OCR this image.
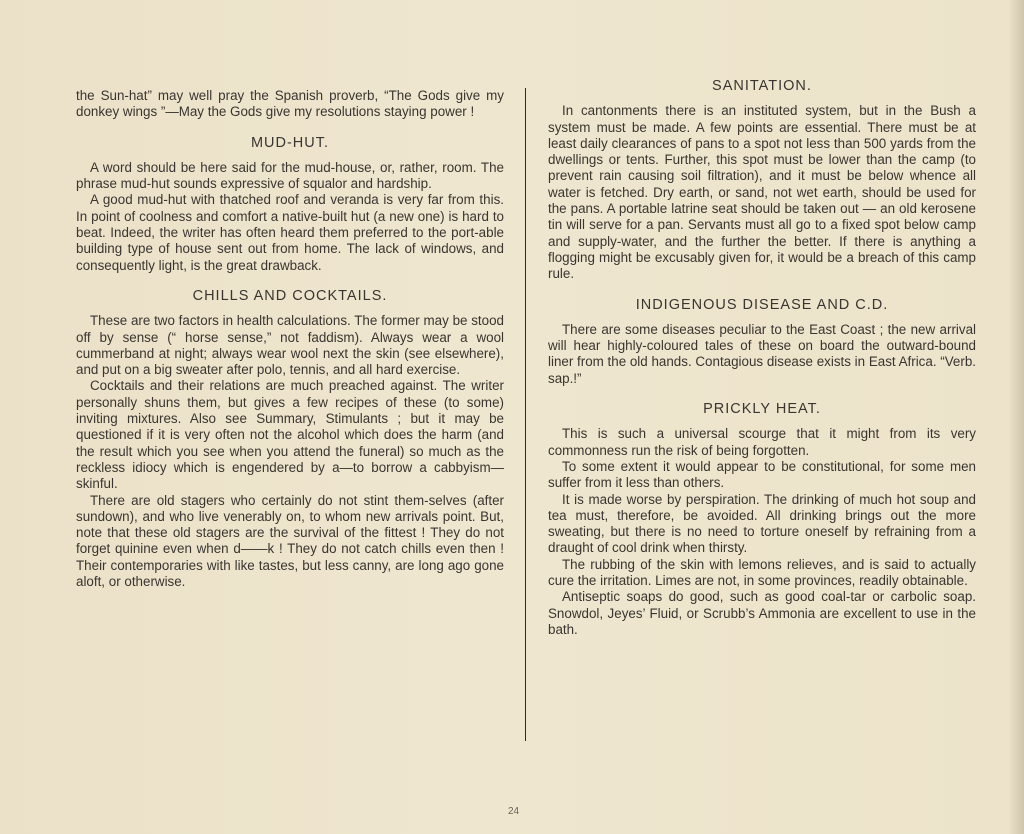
the Sun-hat” may well pray the Spanish proverb, “The Gods give my donkey wings ”—May the Gods give my resolutions staying power !

MUD-HUT.

A word should be here said for the mud-house, or, rather, room. The phrase mud-hut sounds expressive of squalor and hardship.

A good mud-hut with thatched roof and veranda is very far from this. In point of coolness and comfort a native-built hut (a new one) is hard to beat. Indeed, the writer has often heard them preferred to the port-able building type of house sent out from home. The lack of windows, and consequently light, is the great drawback.

CHILLS AND COCKTAILS.

These are two factors in health calculations. The former may be stood off by sense (“ horse sense,” not faddism). Always wear a wool cummerband at night; always wear wool next the skin (see elsewhere), and put on a big sweater after polo, tennis, and all hard exercise.

Cocktails and their relations are much preached against. The writer personally shuns them, but gives a few recipes of these (to some) inviting mixtures. Also see Summary, Stimulants ; but it may be questioned if it is very often not the alcohol which does the harm (and the result which you see when you attend the funeral) so much as the reckless idiocy which is engendered by a—to borrow a cabbyism—skinful.

There are old stagers who certainly do not stint them-selves (after sundown), and who live venerably on, to whom new arrivals point. But, note that these old stagers are the survival of the fittest ! They do not forget quinine even when d——k ! They do not catch chills even then ! Their contemporaries with like tastes, but less canny, are long ago gone aloft, or otherwise.

SANITATION.

In cantonments there is an instituted system, but in the Bush a system must be made. A few points are essential. There must be at least daily clearances of pans to a spot not less than 500 yards from the dwellings or tents. Further, this spot must be lower than the camp (to prevent rain causing soil filtration), and it must be below whence all water is fetched. Dry earth, or sand, not wet earth, should be used for the pans. A portable latrine seat should be taken out — an old kerosene tin will serve for a pan. Servants must all go to a fixed spot below camp and supply-water, and the further the better. If there is anything a flogging might be excusably given for, it would be a breach of this camp rule.

INDIGENOUS DISEASE AND C.D.

There are some diseases peculiar to the East Coast ; the new arrival will hear highly-coloured tales of these on board the outward-bound liner from the old hands. Contagious disease exists in East Africa. “Verb. sap.!”

PRICKLY HEAT.

This is such a universal scourge that it might from its very commonness run the risk of being forgotten.

To some extent it would appear to be constitutional, for some men suffer from it less than others.

It is made worse by perspiration. The drinking of much hot soup and tea must, therefore, be avoided. All drinking brings out the more sweating, but there is no need to torture oneself by refraining from a draught of cool drink when thirsty.

The rubbing of the skin with lemons relieves, and is said to actually cure the irritation. Limes are not, in some provinces, readily obtainable.

Antiseptic soaps do good, such as good coal-tar or carbolic soap. Snowdol, Jeyes’ Fluid, or Scrubb’s Ammonia are excellent to use in the bath.

24
